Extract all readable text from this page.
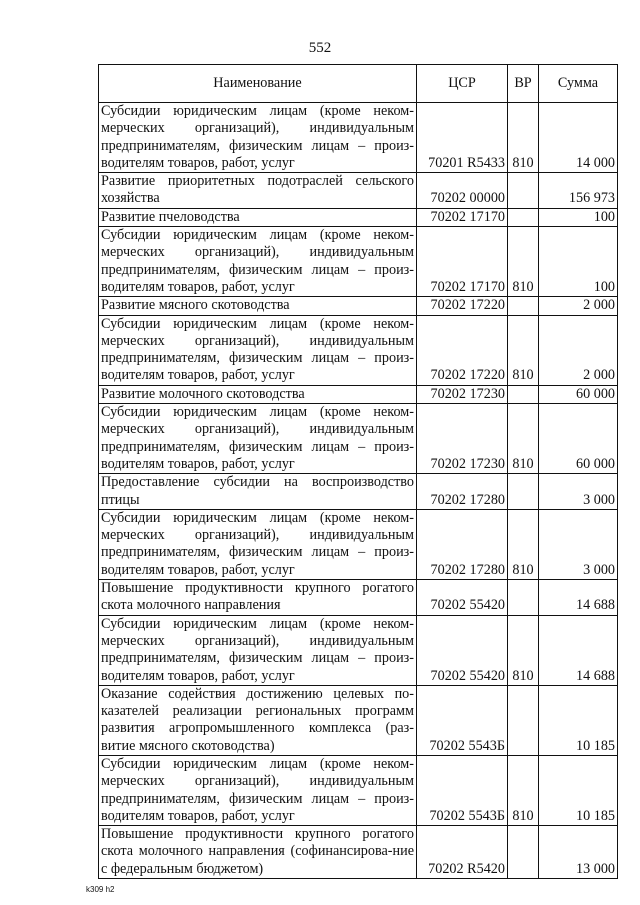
552
Наименование	ЦСР	ВР	Сумма
Субсидии юридическим лицам (кроме неком-мерческих организаций), индивидуальным предпринимателям, физическим лицам – произ-водителям товаров, работ, услуг	70201 R5433	810	14 000
Развитие приоритетных подотраслей сельского хозяйства	70202 00000		156 973
Развитие пчеловодства	70202 17170		100
Субсидии юридическим лицам (кроме неком-мерческих организаций), индивидуальным предпринимателям, физическим лицам – произ-водителям товаров, работ, услуг	70202 17170	810	100
Развитие мясного скотоводства	70202 17220		2 000
Субсидии юридическим лицам (кроме неком-мерческих организаций), индивидуальным предпринимателям, физическим лицам – произ-водителям товаров, работ, услуг	70202 17220	810	2 000
Развитие молочного скотоводства	70202 17230		60 000
Субсидии юридическим лицам (кроме неком-мерческих организаций), индивидуальным предпринимателям, физическим лицам – произ-водителям товаров, работ, услуг	70202 17230	810	60 000
Предоставление субсидии на воспроизводство птицы	70202 17280		3 000
Субсидии юридическим лицам (кроме неком-мерческих организаций), индивидуальным предпринимателям, физическим лицам – произ-водителям товаров, работ, услуг	70202 17280	810	3 000
Повышение продуктивности крупного рогатого скота молочного направления	70202 55420		14 688
Субсидии юридическим лицам (кроме неком-мерческих организаций), индивидуальным предпринимателям, физическим лицам – произ-водителям товаров, работ, услуг	70202 55420	810	14 688
Оказание содействия достижению целевых по-казателей реализации региональных программ развития агропромышленного комплекса (раз-витие мясного скотоводства)	70202 5543Б		10 185
Субсидии юридическим лицам (кроме неком-мерческих организаций), индивидуальным предпринимателям, физическим лицам – произ-водителям товаров, работ, услуг	70202 5543Б	810	10 185
Повышение продуктивности крупного рогатого скота молочного направления (софинансирова-ние с федеральным бюджетом)	70202 R5420		13 000
k309 h2
